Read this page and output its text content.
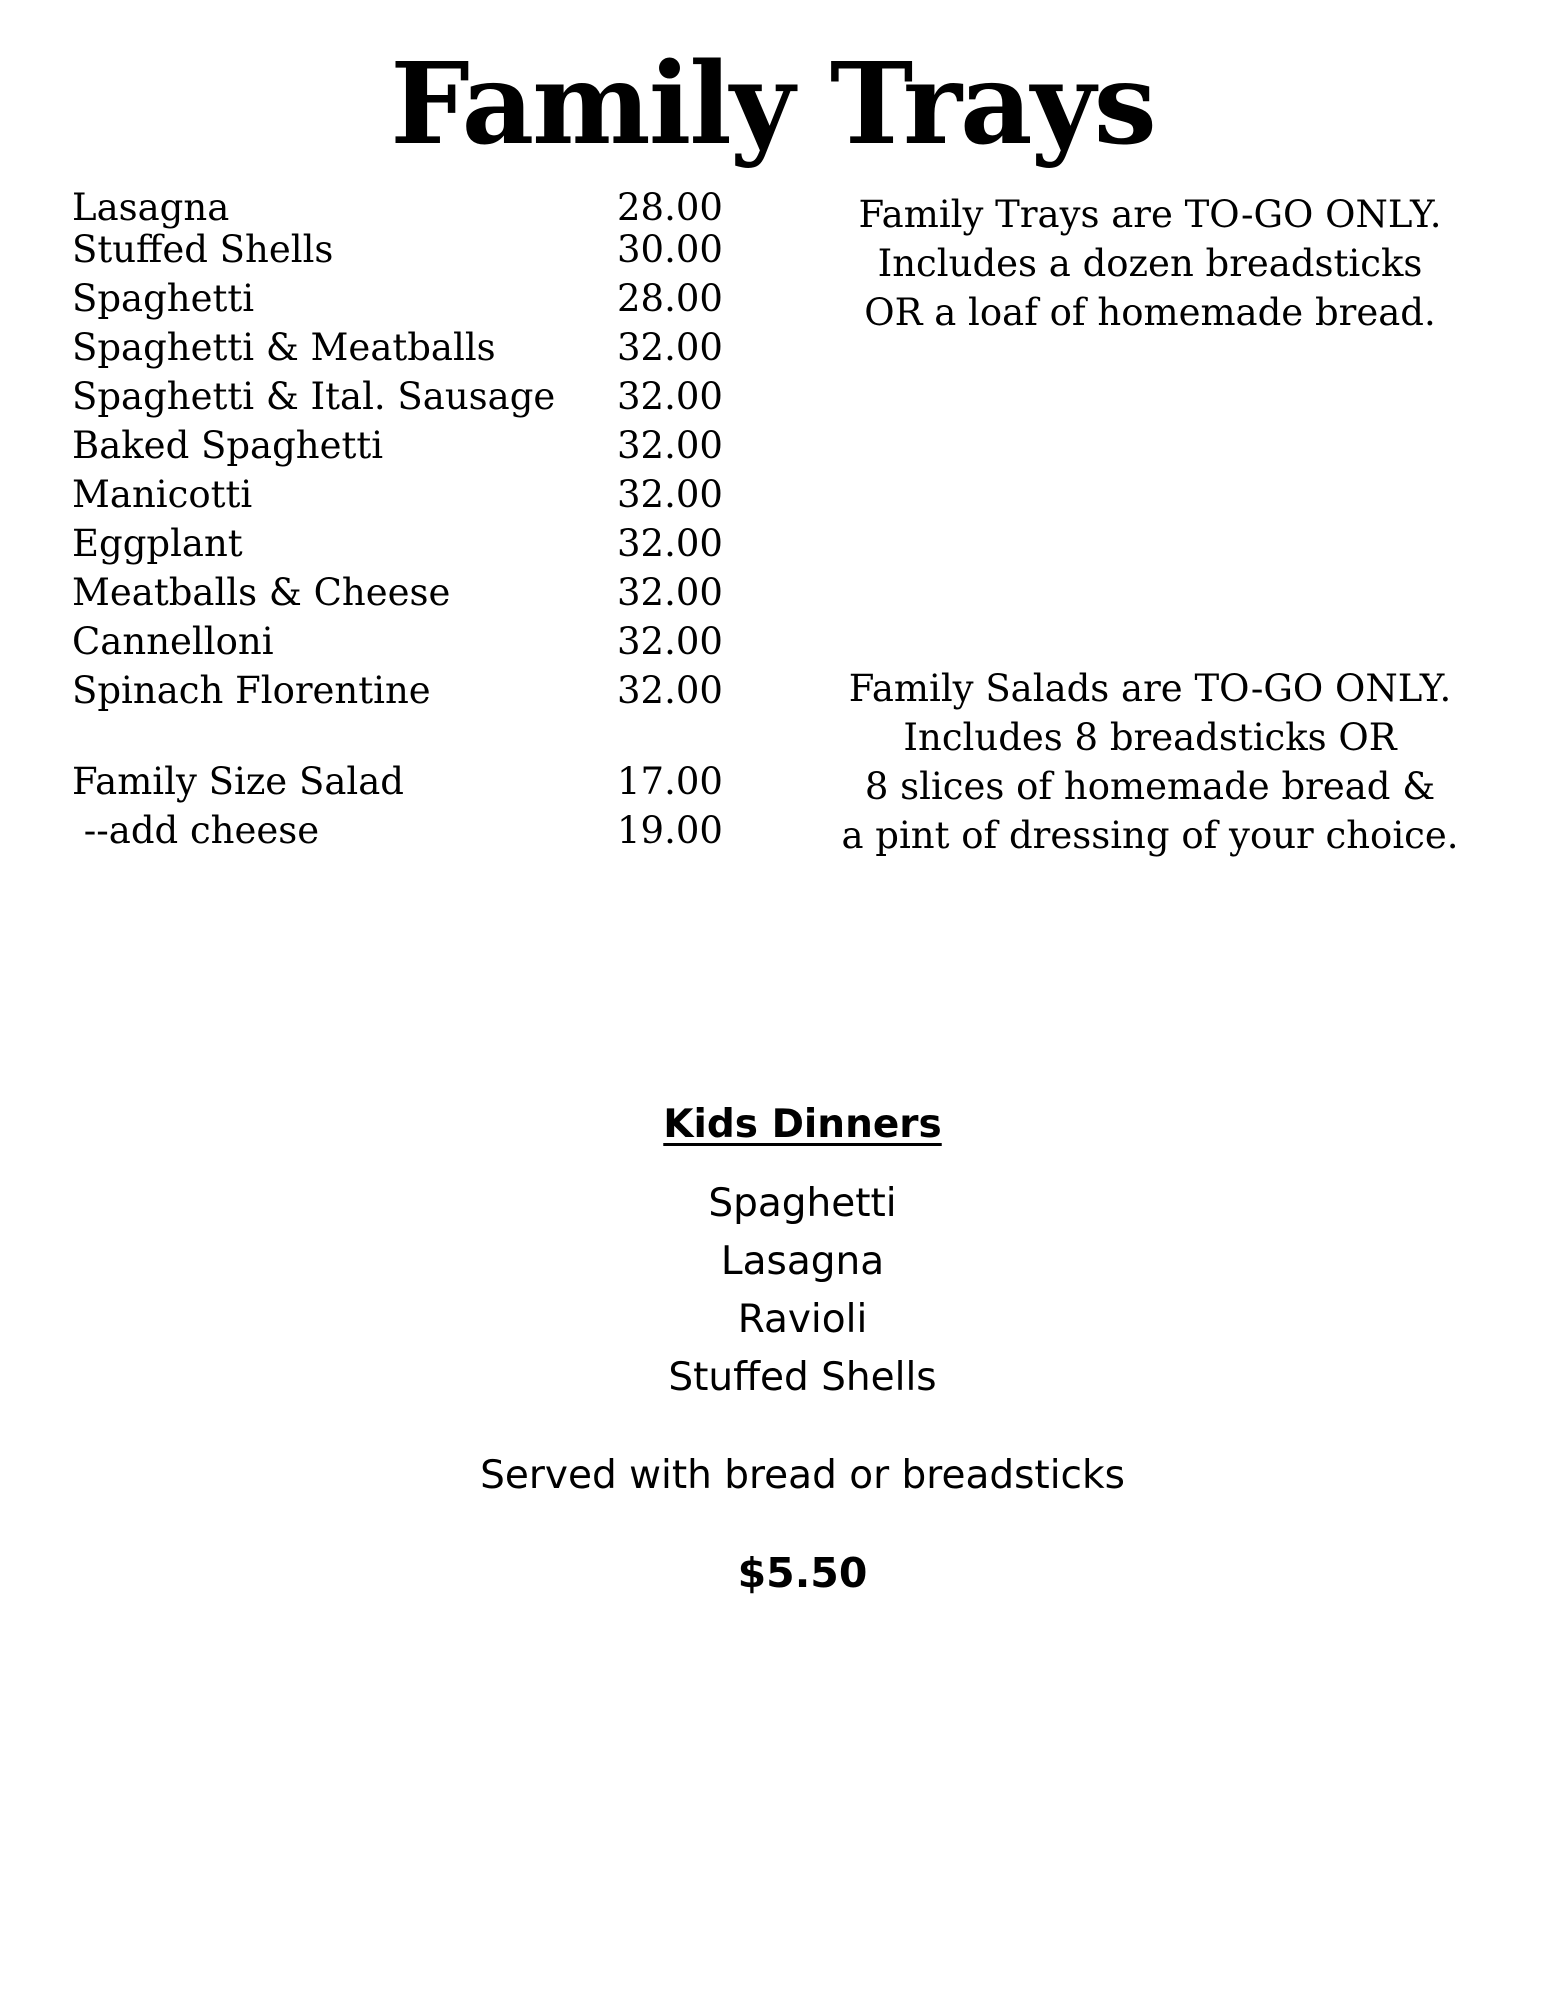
Family Trays
Lasagna	28.00
Stuffed Shells	30.00
Spaghetti	28.00
Spaghetti & Meatballs	32.00
Spaghetti & Ital. Sausage 32.00
Baked Spaghetti	32.00
Manicotti	32.00
Eggplant	32.00
Meatballs & Cheese	32.00
Cannelloni	32.00
Spinach Florentine	32.00
Family Size Salad	17.00
--add cheese	19.00

Family Trays are TO-GO ONLY.

Includes a dozen breadsticks

OR a loaf of homemade bread.

Family Salads are TO-GO ONLY.

Includes 8 breadsticks OR

8 slices of homemade bread &

a pint of dressing of your choice.

Kids Dinners
Spaghetti
Lasagna
Ravioli
Stuffed Shells

Served with bread or breadsticks

$5.50
